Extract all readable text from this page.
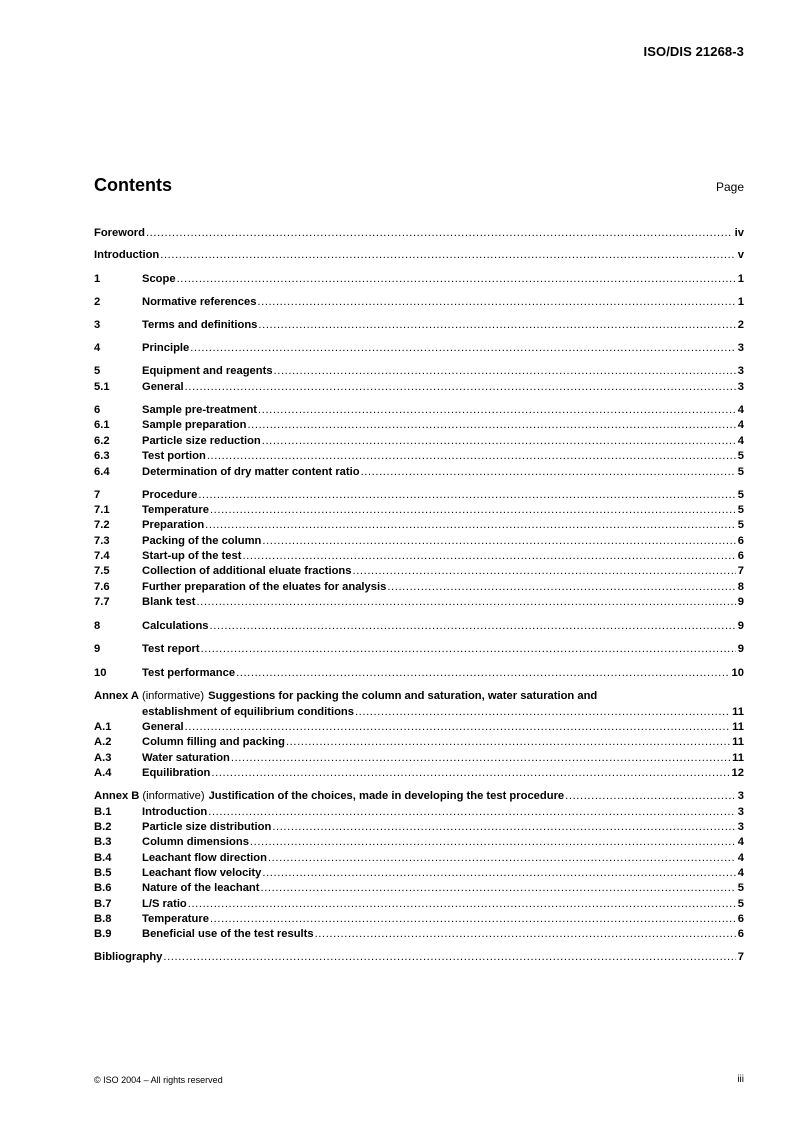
ISO/DIS 21268-3
Contents	Page
Foreword .....	iv
Introduction .....	v
1	Scope .....	1
2	Normative references .....	1
3	Terms and definitions .....	2
4	Principle .....	3
5	Equipment and reagents .....	3
5.1	General .....	3
6	Sample pre-treatment .....	4
6.1	Sample preparation .....	4
6.2	Particle size reduction .....	4
6.3	Test portion .....	5
6.4	Determination of dry matter content ratio .....	5
7	Procedure .....	5
7.1	Temperature .....	5
7.2	Preparation .....	5
7.3	Packing of the column .....	6
7.4	Start-up of the test .....	6
7.5	Collection of additional eluate fractions .....	7
7.6	Further preparation of the eluates for analysis .....	8
7.7	Blank test .....	9
8	Calculations .....	9
9	Test report .....	9
10	Test performance .....	10
Annex A (informative) Suggestions for packing the column and saturation, water saturation and
establishment of equilibrium conditions .....	11
A.1	General .....	11
A.2	Column filling and packing .....	11
A.3	Water saturation .....	11
A.4	Equilibration .....	12
Annex B (informative) Justification of the choices, made in developing the test procedure .....	3
B.1	Introduction .....	3
B.2	Particle size distribution .....	3
B.3	Column dimensions .....	4
B.4	Leachant flow direction .....	4
B.5	Leachant flow velocity .....	4
B.6	Nature of the leachant .....	5
B.7	L/S ratio .....	5
B.8	Temperature .....	6
B.9	Beneficial use of the test results .....	6
Bibliography .....	7
© ISO 2004 – All rights reserved	iii
